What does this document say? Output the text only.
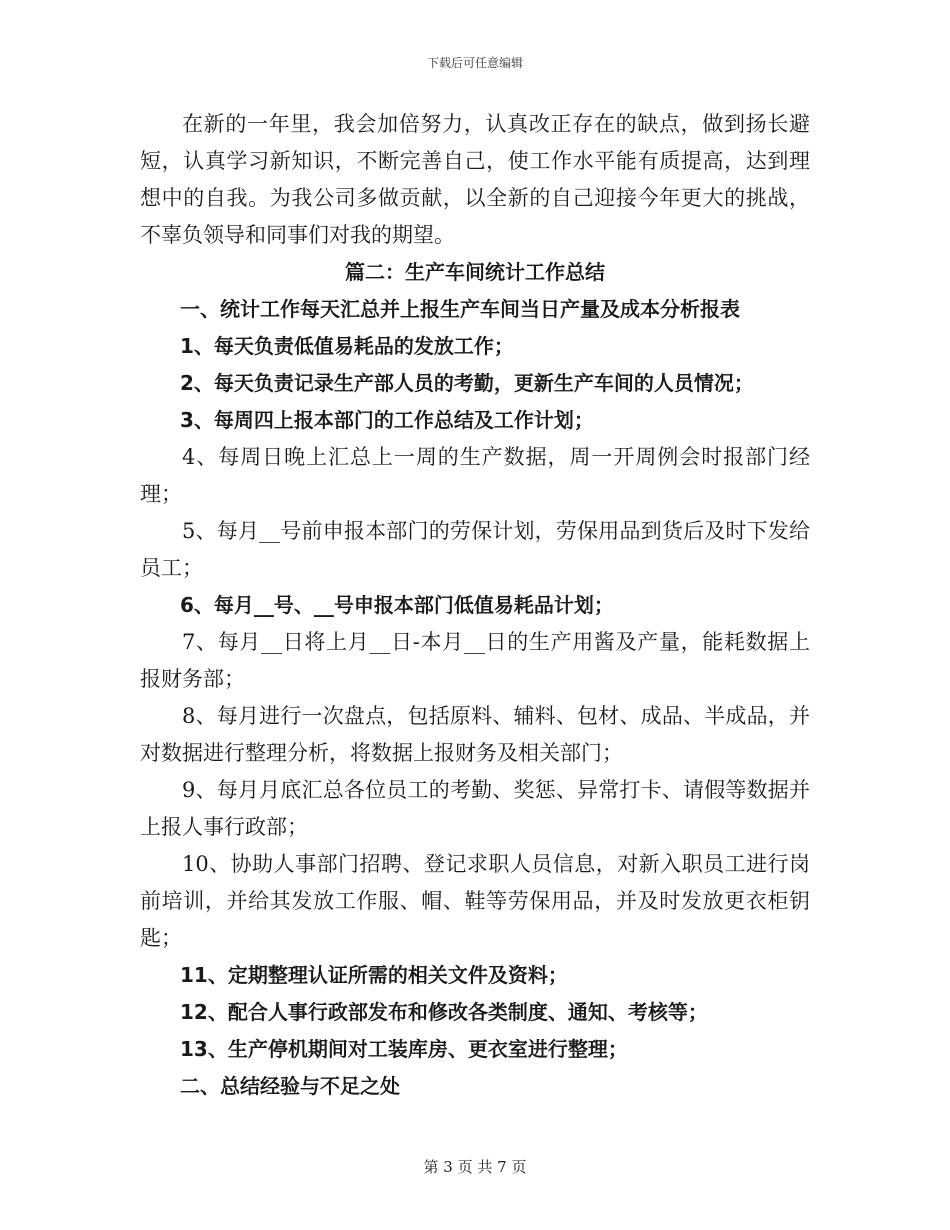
下载后可任意编辑

在新的一年里，我会加倍努力，认真改正存在的缺点，做到扬长避短，认真学习新知识，不断完善自己，使工作水平能有质提高，达到理想中的自我。为我公司多做贡献，以全新的自己迎接今年更大的挑战，不辜负领导和同事们对我的期望。

篇二：生产车间统计工作总结

一、统计工作每天汇总并上报生产车间当日产量及成本分析报表

1、每天负责低值易耗品的发放工作；

2、每天负责记录生产部人员的考勤，更新生产车间的人员情况；

3、每周四上报本部门的工作总结及工作计划；

4、每周日晚上汇总上一周的生产数据，周一开周例会时报部门经理；

5、每月__号前申报本部门的劳保计划，劳保用品到货后及时下发给员工；

6、每月__号、__号申报本部门低值易耗品计划；

7、每月__日将上月__日-本月__日的生产用酱及产量，能耗数据上报财务部；

8、每月进行一次盘点，包括原料、辅料、包材、成品、半成品，并对数据进行整理分析，将数据上报财务及相关部门；

9、每月月底汇总各位员工的考勤、奖惩、异常打卡、请假等数据并上报人事行政部；

10、协助人事部门招聘、登记求职人员信息，对新入职员工进行岗前培训，并给其发放工作服、帽、鞋等劳保用品，并及时发放更衣柜钥匙；

11、定期整理认证所需的相关文件及资料；

12、配合人事行政部发布和修改各类制度、通知、考核等；

13、生产停机期间对工装库房、更衣室进行整理；

二、总结经验与不足之处

第 3 页 共 7 页
